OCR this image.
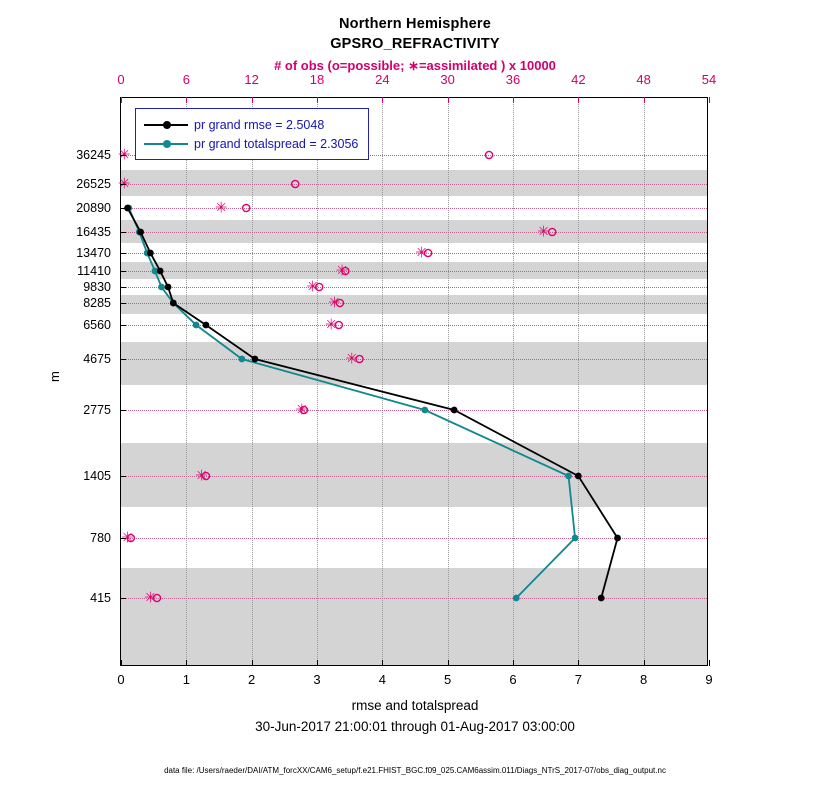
Northern Hemisphere
GPSRO_REFRACTIVITY
# of obs (o=possible; ∗=assimilated ) x 10000
m
rmse and totalspread
30-Jun-2017 21:00:01 through 01-Aug-2017 03:00:00
data file: /Users/raeder/DAI/ATM_forcXX/CAM6_setup/f.e21.FHIST_BGC.f09_025.CAM6assim.011/Diags_NTrS_2017-07/obs_diag_output.nc
✳
✳
✳
✳
✳
✳
✳
✳
✳
✳
✳
✳
✳
✳
0	1	2	3	4	5	6	7	8	9
0	6	12	18	24	30	36	42	48	54
36245
26525
20890
16435
13470
11410
9830
8285
6560
4675
2775
1405
780
415
pr grand rmse = 2.5048
pr grand totalspread = 2.3056
